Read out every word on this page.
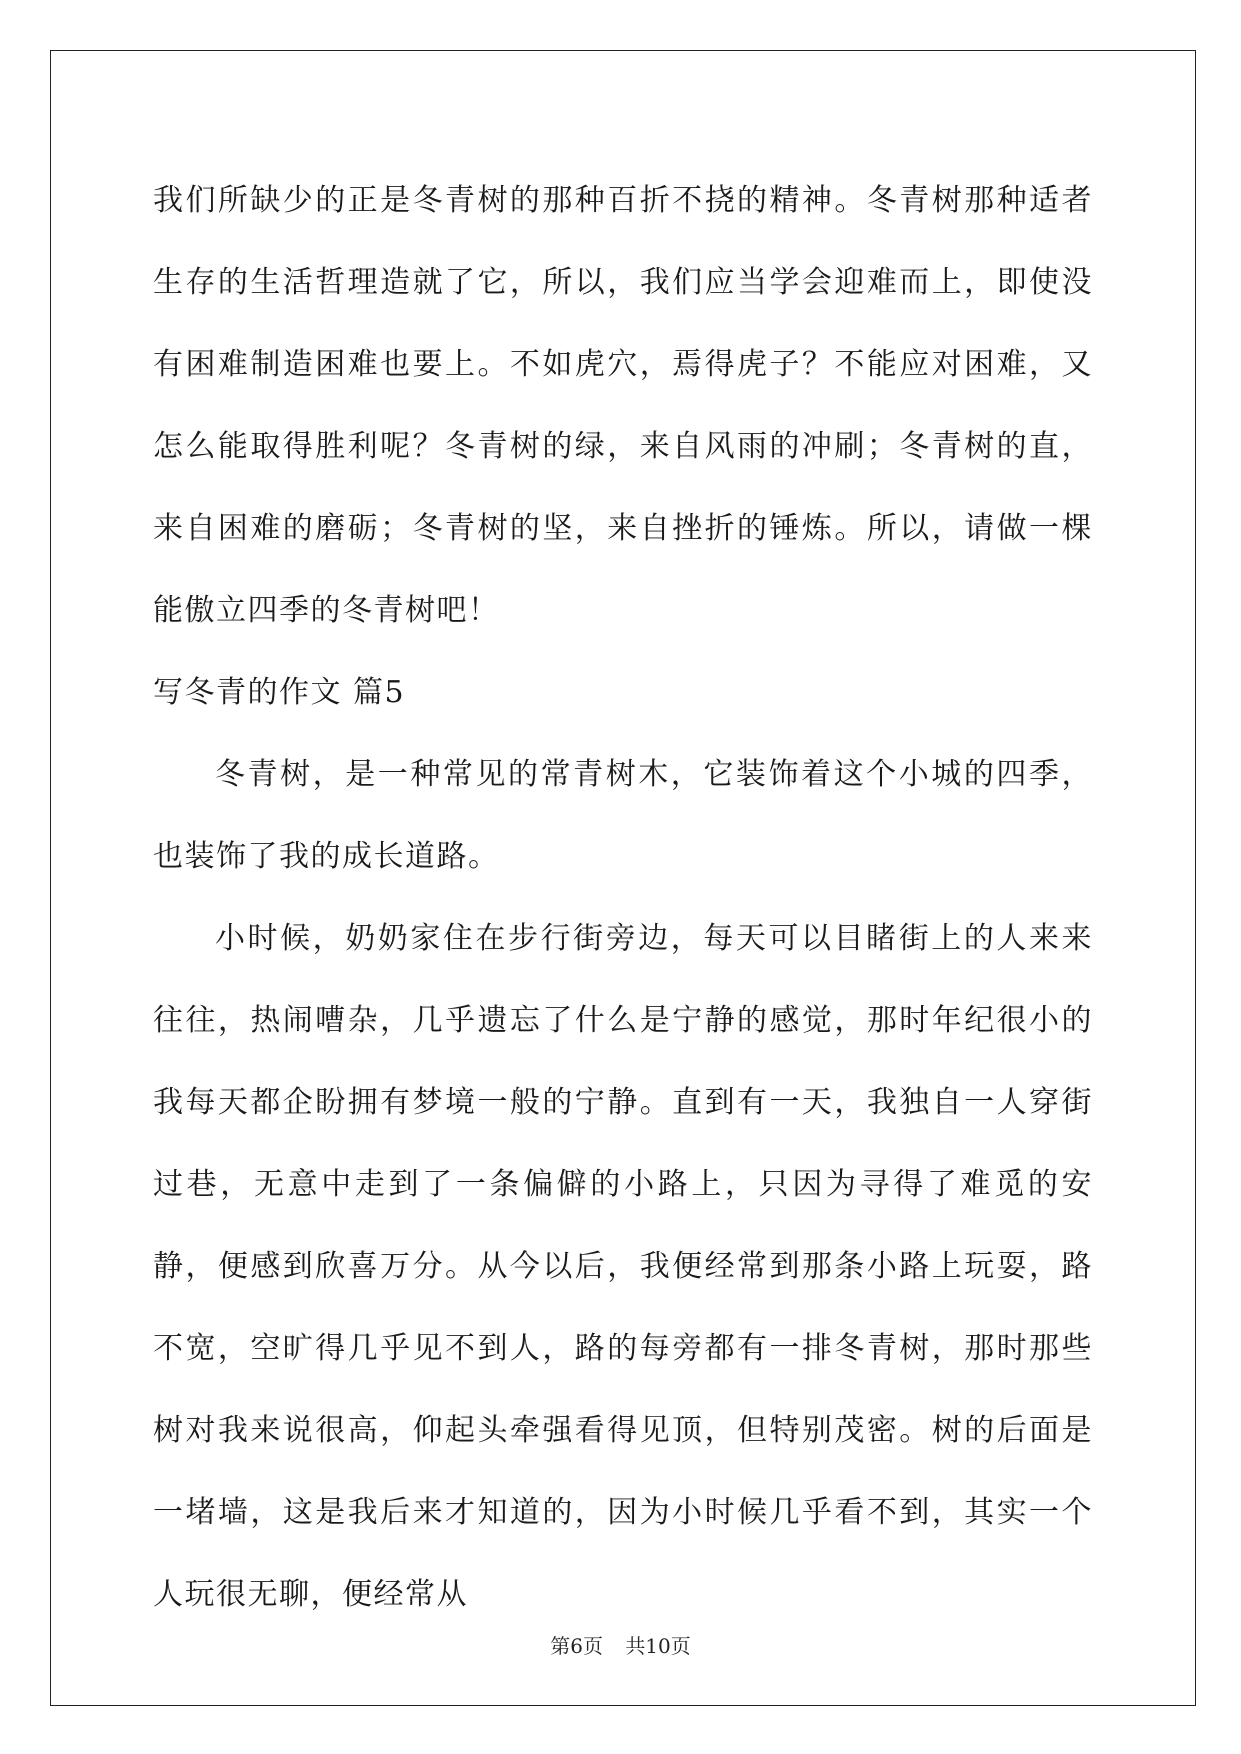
我们所缺少的正是冬青树的那种百折不挠的精神。冬青树那种适者生存的生活哲理造就了它，所以，我们应当学会迎难而上，即使没有困难制造困难也要上。不如虎穴，焉得虎子？不能应对困难，又怎么能取得胜利呢？冬青树的绿，来自风雨的冲刷；冬青树的直，来自困难的磨砺；冬青树的坚，来自挫折的锤炼。所以，请做一棵能傲立四季的冬青树吧！

写冬青的作文 篇5

冬青树，是一种常见的常青树木，它装饰着这个小城的四季，也装饰了我的成长道路。

小时候，奶奶家住在步行街旁边，每天可以目睹街上的人来来往往，热闹嘈杂，几乎遗忘了什么是宁静的感觉，那时年纪很小的我每天都企盼拥有梦境一般的宁静。直到有一天，我独自一人穿街过巷，无意中走到了一条偏僻的小路上，只因为寻得了难觅的安静，便感到欣喜万分。从今以后，我便经常到那条小路上玩耍，路不宽，空旷得几乎见不到人，路的每旁都有一排冬青树，那时那些树对我来说很高，仰起头牵强看得见顶，但特别茂密。树的后面是一堵墙，这是我后来才知道的，因为小时候几乎看不到，其实一个人玩很无聊，便经常从

第6页 共10页
